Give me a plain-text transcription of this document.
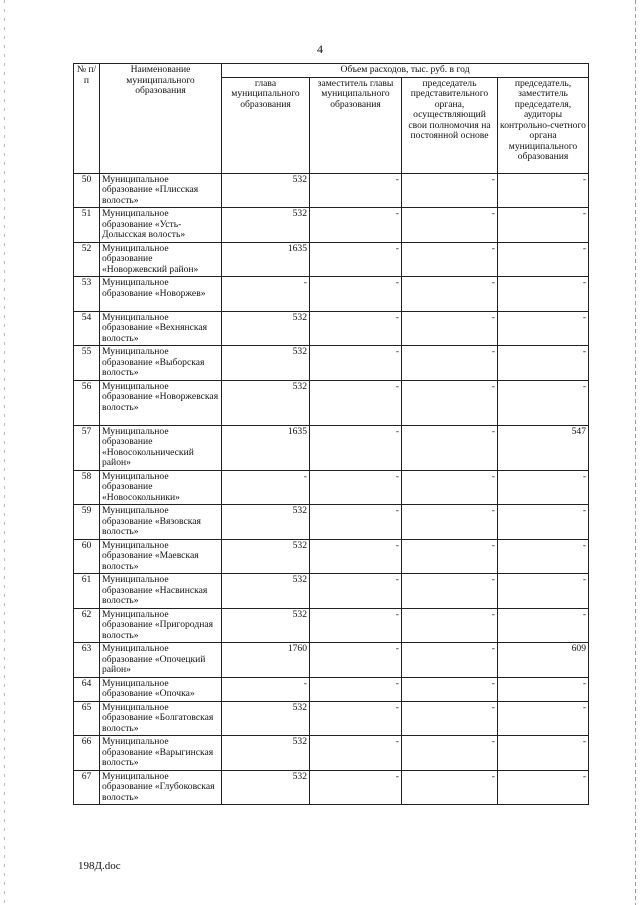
4
№ п/п	Наименование муниципального образования	Объем расходов, тыс. руб. в год			
		глава муниципального образования	заместитель главы муниципального образования	председатель представительного органа, осуществляющий свои полномочия на постоянной основе	председатель, заместитель председателя, аудиторы контрольно-счетного органа муниципального образования
50	Муниципальное образование «Плисская волость»	532	-	-	-
51	Муниципальное образование «Усть-Долысская волость»	532	-	-	-
52	Муниципальное образование «Новоржевский район»	1635	-	-	-
53	Муниципальное образование «Новоржев»	-	-	-	-
54	Муниципальное образование «Вехнянская волость»	532	-	-	-
55	Муниципальное образование «Выборская волость»	532	-	-	-
56	Муниципальное образование «Новоржевская волость»	532	-	-	-
57	Муниципальное образование «Новосокольнический район»	1635	-	-	547
58	Муниципальное образование «Новосокольники»	-	-	-	-
59	Муниципальное образование «Вязовская волость»	532	-	-	-
60	Муниципальное образование «Маевская волость»	532	-	-	-
61	Муниципальное образование «Насвинская волость»	532	-	-	-
62	Муниципальное образование «Пригородная волость»	532	-	-	-
63	Муниципальное образование «Опочецкий район»	1760	-	-	609
64	Муниципальное образование «Опочка»	-	-	-	-
65	Муниципальное образование «Болгатовская волость»	532	-	-	-
66	Муниципальное образование «Варыгинская волость»	532	-	-	-
67	Муниципальное образование «Глубоковская волость»	532	-	-	-
198Д.doc
